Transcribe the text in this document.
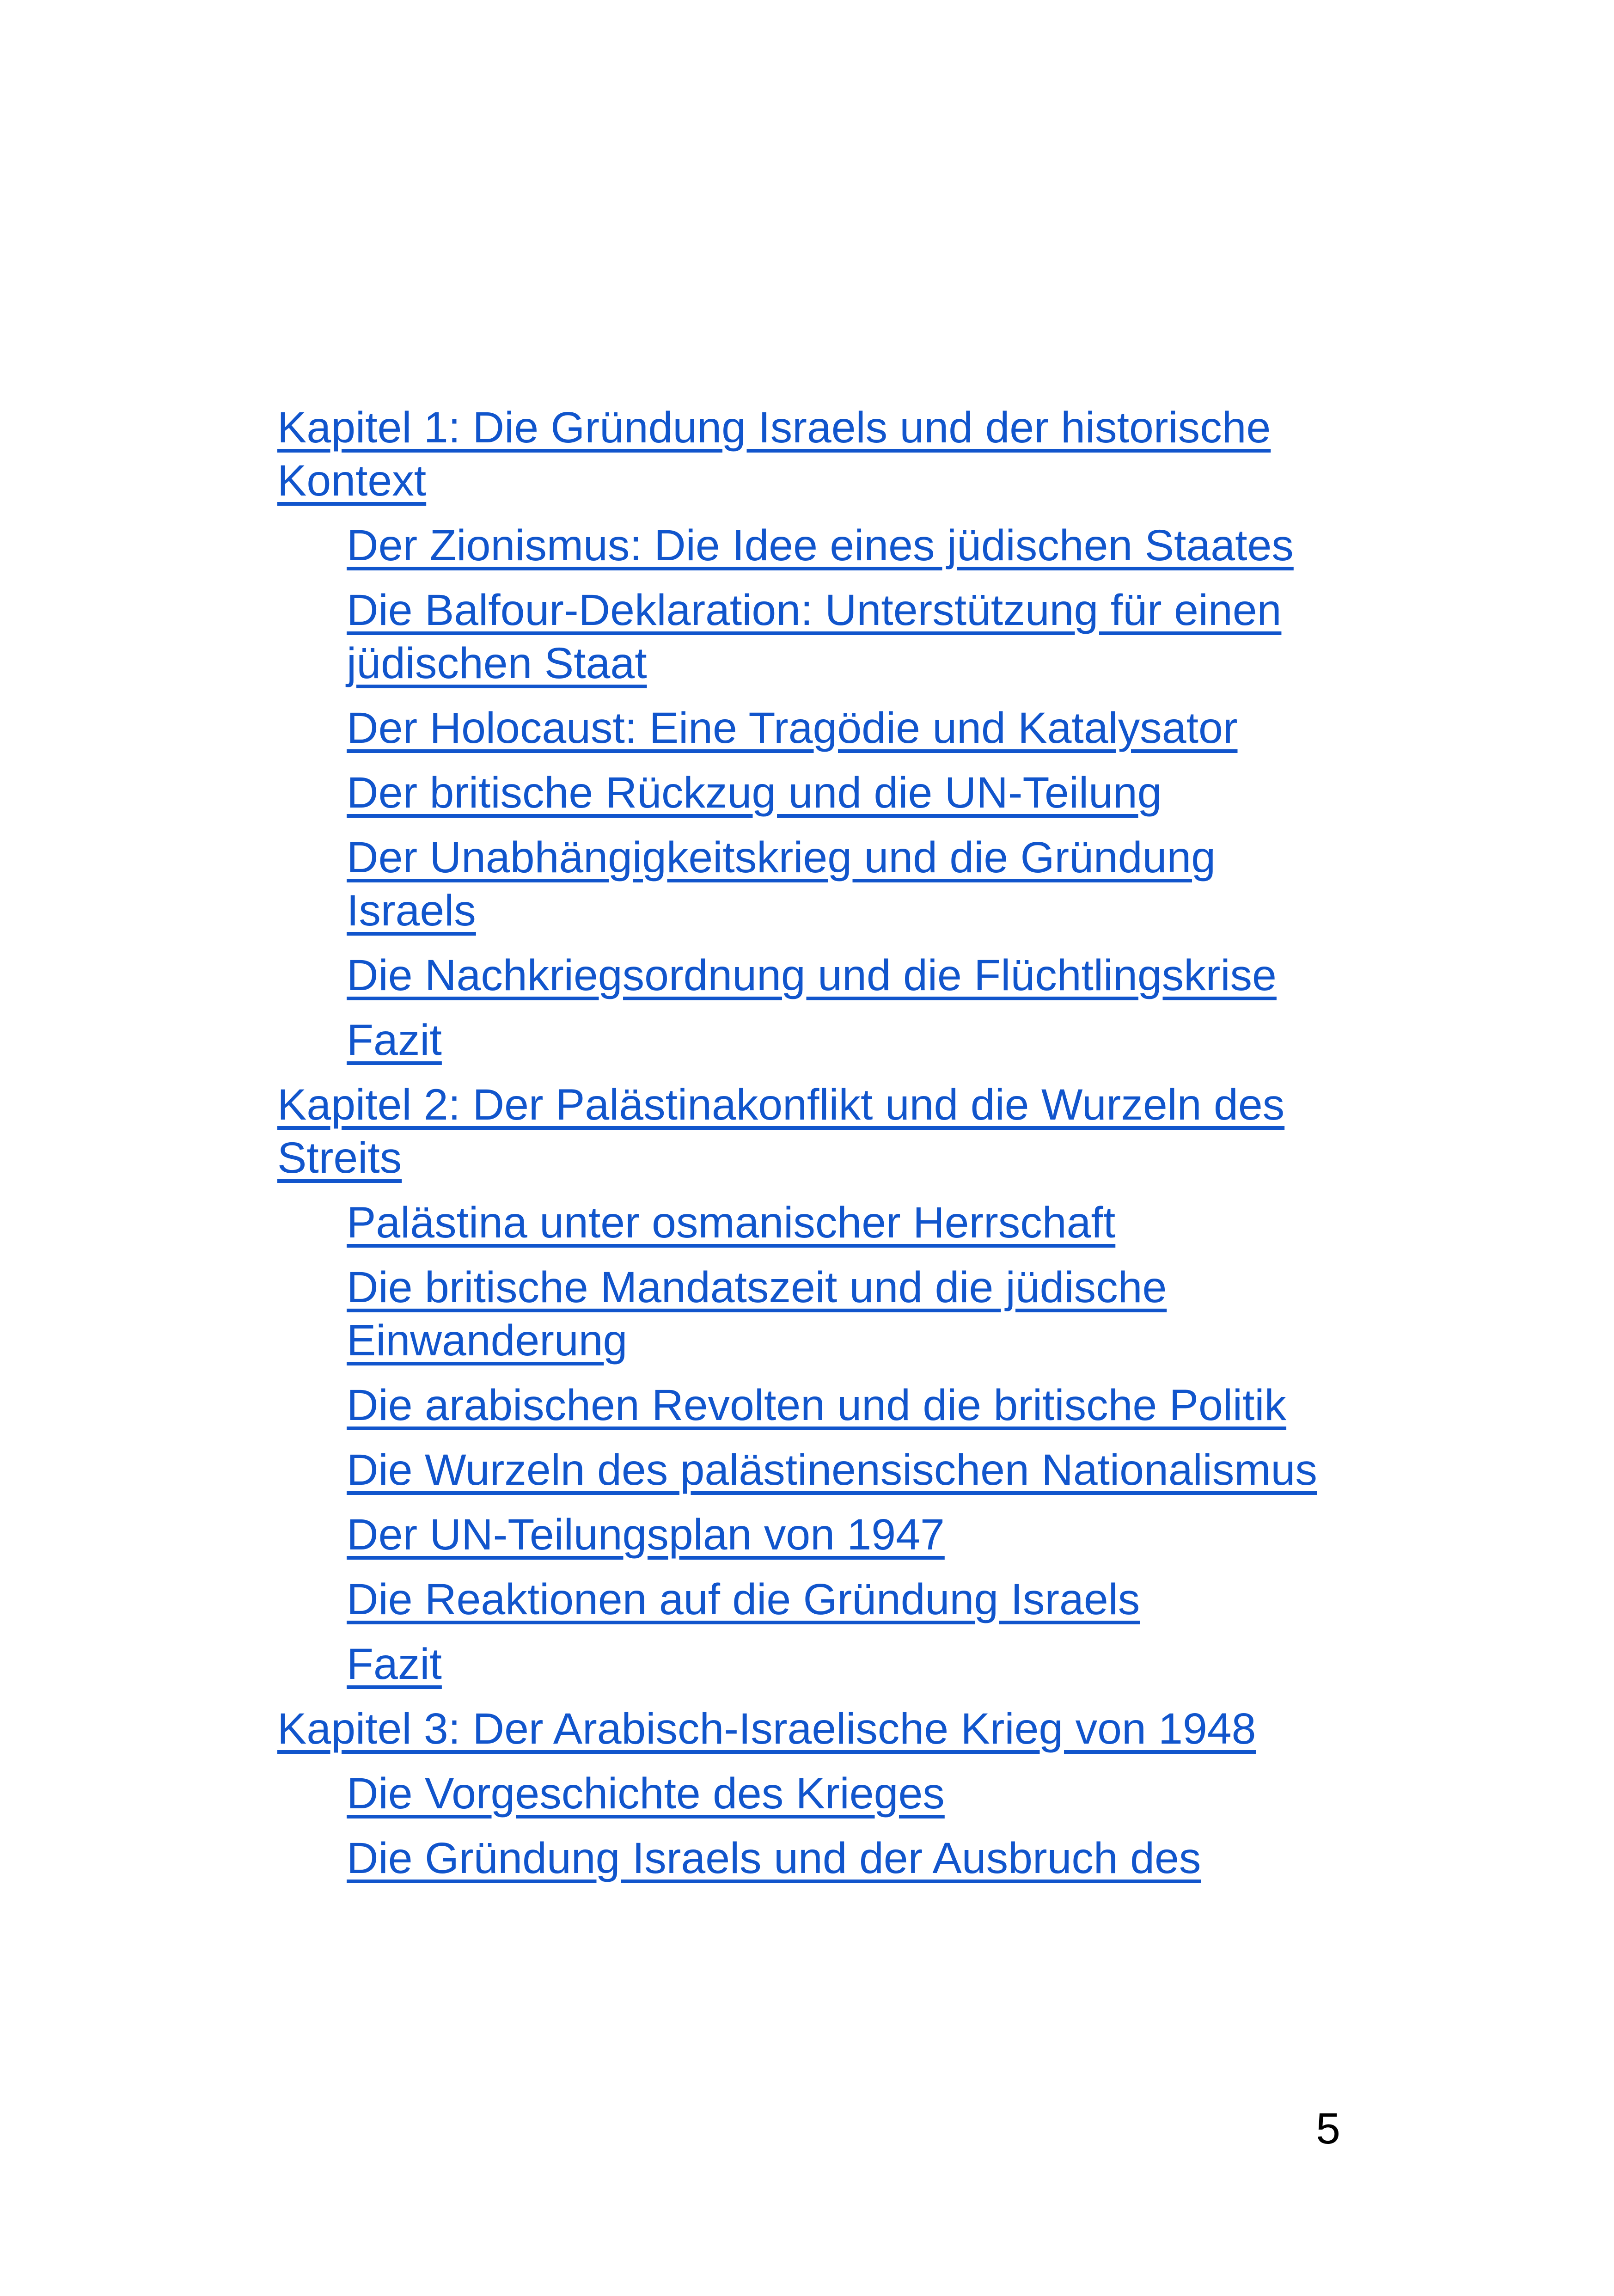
Kapitel 1: Die Gründung Israels und der historische Kontext
Der Zionismus: Die Idee eines jüdischen Staates
Die Balfour-Deklaration: Unterstützung für einen jüdischen Staat
Der Holocaust: Eine Tragödie und Katalysator
Der britische Rückzug und die UN-Teilung
Der Unabhängigkeitskrieg und die Gründung Israels
Die Nachkriegsordnung und die Flüchtlingskrise
Fazit
Kapitel 2: Der Palästinakonflikt und die Wurzeln des Streits
Palästina unter osmanischer Herrschaft
Die britische Mandatszeit und die jüdische Einwanderung
Die arabischen Revolten und die britische Politik
Die Wurzeln des palästinensischen Nationalismus
Der UN-Teilungsplan von 1947
Die Reaktionen auf die Gründung Israels
Fazit
Kapitel 3: Der Arabisch-Israelische Krieg von 1948
Die Vorgeschichte des Krieges
Die Gründung Israels und der Ausbruch des
5
